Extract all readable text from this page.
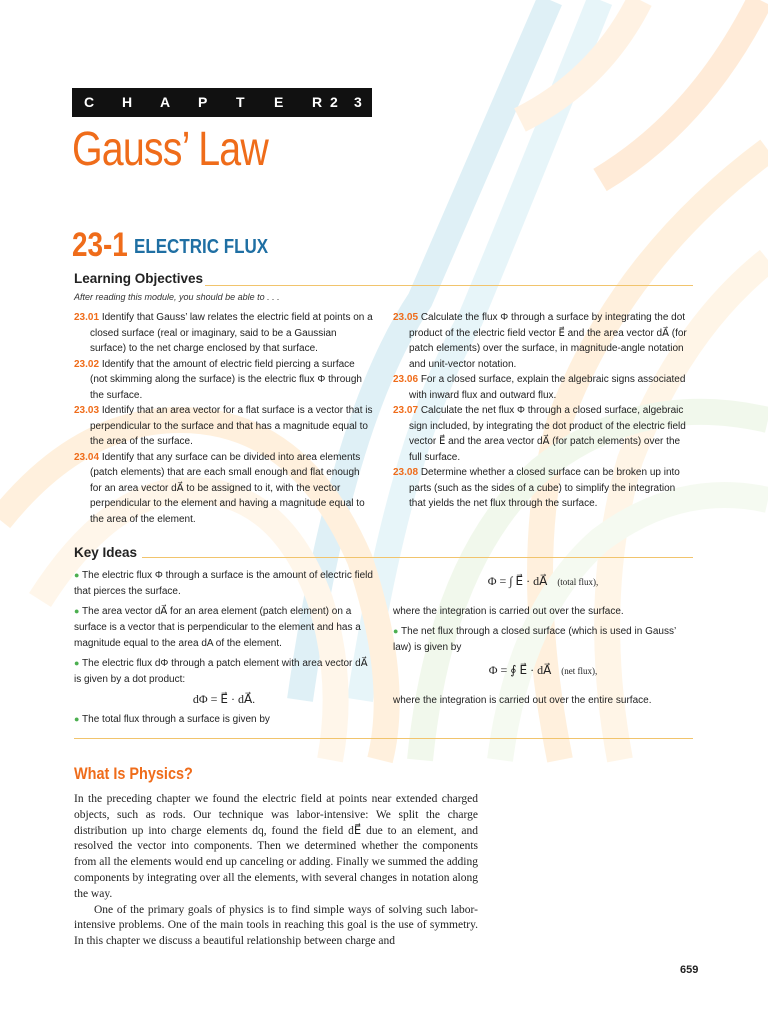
C H A P T E R 2 3
Gauss’ Law
23-1 ELECTRIC FLUX
Learning Objectives
After reading this module, you should be able to . . .

23.01 Identify that Gauss’ law relates the electric field at points on a closed surface (real or imaginary, said to be a Gaussian surface) to the net charge enclosed by that surface.

23.02 Identify that the amount of electric field piercing a surface (not skimming along the surface) is the electric flux Φ through the surface.

23.03 Identify that an area vector for a flat surface is a vector that is perpendicular to the surface and that has a magnitude equal to the area of the surface.

23.04 Identify that any surface can be divided into area elements (patch elements) that are each small enough and flat enough for an area vector dA⃗ to be assigned to it, with the vector perpendicular to the element and having a magnitude equal to the area of the element.

23.05 Calculate the flux Φ through a surface by integrating the dot product of the electric field vector E⃗ and the area vector dA⃗ (for patch elements) over the surface, in magnitude-angle notation and unit-vector notation.

23.06 For a closed surface, explain the algebraic signs associated with inward flux and outward flux.

23.07 Calculate the net flux Φ through a closed surface, algebraic sign included, by integrating the dot product of the electric field vector E⃗ and the area vector dA⃗ (for patch elements) over the full surface.

23.08 Determine whether a closed surface can be broken up into parts (such as the sides of a cube) to simplify the integration that yields the net flux through the surface.

Key Ideas

● The electric flux Φ through a surface is the amount of electric field that pierces the surface.

● The area vector dA⃗ for an area element (patch element) on a surface is a vector that is perpendicular to the element and has a magnitude equal to the area dA of the element.

● The electric flux dΦ through a patch element with area vector dA⃗ is given by a dot product:

dΦ = E⃗ · dA⃗.

● The total flux through a surface is given by

Φ = ∫ E⃗ · dA⃗ (total flux),

where the integration is carried out over the surface.

● The net flux through a closed surface (which is used in Gauss’ law) is given by

Φ = ∮ E⃗ · dA⃗ (net flux),

where the integration is carried out over the entire surface.

What Is Physics?

In the preceding chapter we found the electric field at points near extended charged objects, such as rods. Our technique was labor-intensive: We split the charge distribution up into charge elements dq, found the field dE⃗ due to an element, and resolved the vector into components. Then we determined whether the components from all the elements would end up canceling or adding. Finally we summed the adding components by integrating over all the elements, with several changes in notation along the way.

One of the primary goals of physics is to find simple ways of solving such labor-intensive problems. One of the main tools in reaching this goal is the use of symmetry. In this chapter we discuss a beautiful relationship between charge and

659
